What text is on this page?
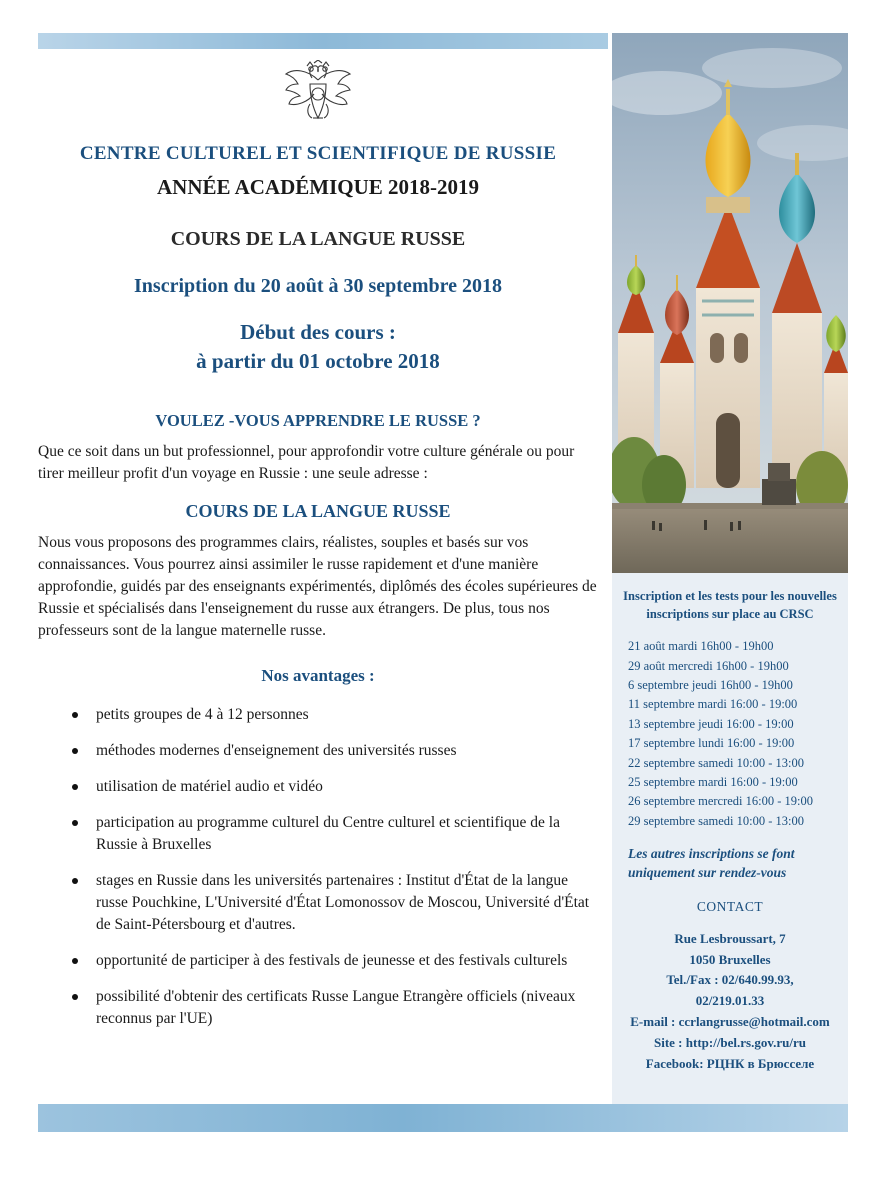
Inscription et les tests pour les nouvelles inscriptions sur place au CRSC
21 août mardi 16h00 - 19h00
29 août mercredi 16h00 - 19h00
6 septembre jeudi 16h00 - 19h00
11 septembre mardi 16:00 - 19:00
13 septembre jeudi 16:00 - 19:00
17 septembre lundi 16:00 - 19:00
22 septembre samedi 10:00 - 13:00
25 septembre mardi 16:00 - 19:00
26 septembre mercredi 16:00 - 19:00
29 septembre samedi 10:00 - 13:00
Les autres inscriptions se font uniquement sur rendez-vous
CONTACT
Rue Lesbroussart, 7
1050 Bruxelles
Tel./Fax : 02/640.99.93,
02/219.01.33
E-mail : ccrlangrusse@hotmail.com
Site : http://bel.rs.gov.ru/ru
Facebook: РЦНК в Брюсселе
CENTRE CULTUREL ET SCIENTIFIQUE DE RUSSIE
ANNÉE ACADÉMIQUE 2018-2019
COURS DE LA LANGUE RUSSE
Inscription du 20 août à 30 septembre 2018
Début des cours :
à partir du 01 octobre 2018
VOULEZ -VOUS APPRENDRE LE RUSSE ?
Que ce soit dans un but professionnel, pour approfondir votre culture générale ou pour tirer meilleur profit d'un voyage en Russie : une seule adresse :
COURS DE LA LANGUE RUSSE
Nous vous proposons des programmes clairs, réalistes, souples et basés sur vos connaissances. Vous pourrez ainsi assimiler le russe rapidement et d'une manière approfondie, guidés par des enseignants expérimentés, diplômés des écoles supérieures de Russie et spécialisés dans l'enseignement du russe aux étrangers. De plus, tous nos professeurs sont de la langue maternelle russe.
Nos avantages :
petits groupes de 4 à 12 personnes
méthodes modernes d'enseignement des universités russes
utilisation de matériel audio et vidéo
participation au programme culturel du Centre culturel et scientifique de la Russie à Bruxelles
stages en Russie dans les universités partenaires : Institut d'État de la langue russe Pouchkine, L'Université d'État Lomonossov de Moscou, Université d'État de Saint-Pétersbourg et d'autres.
opportunité de participer à des festivals de jeunesse et des festivals culturels
possibilité d'obtenir des certificats Russe Langue Etrangère officiels (niveaux reconnus par l'UE)
